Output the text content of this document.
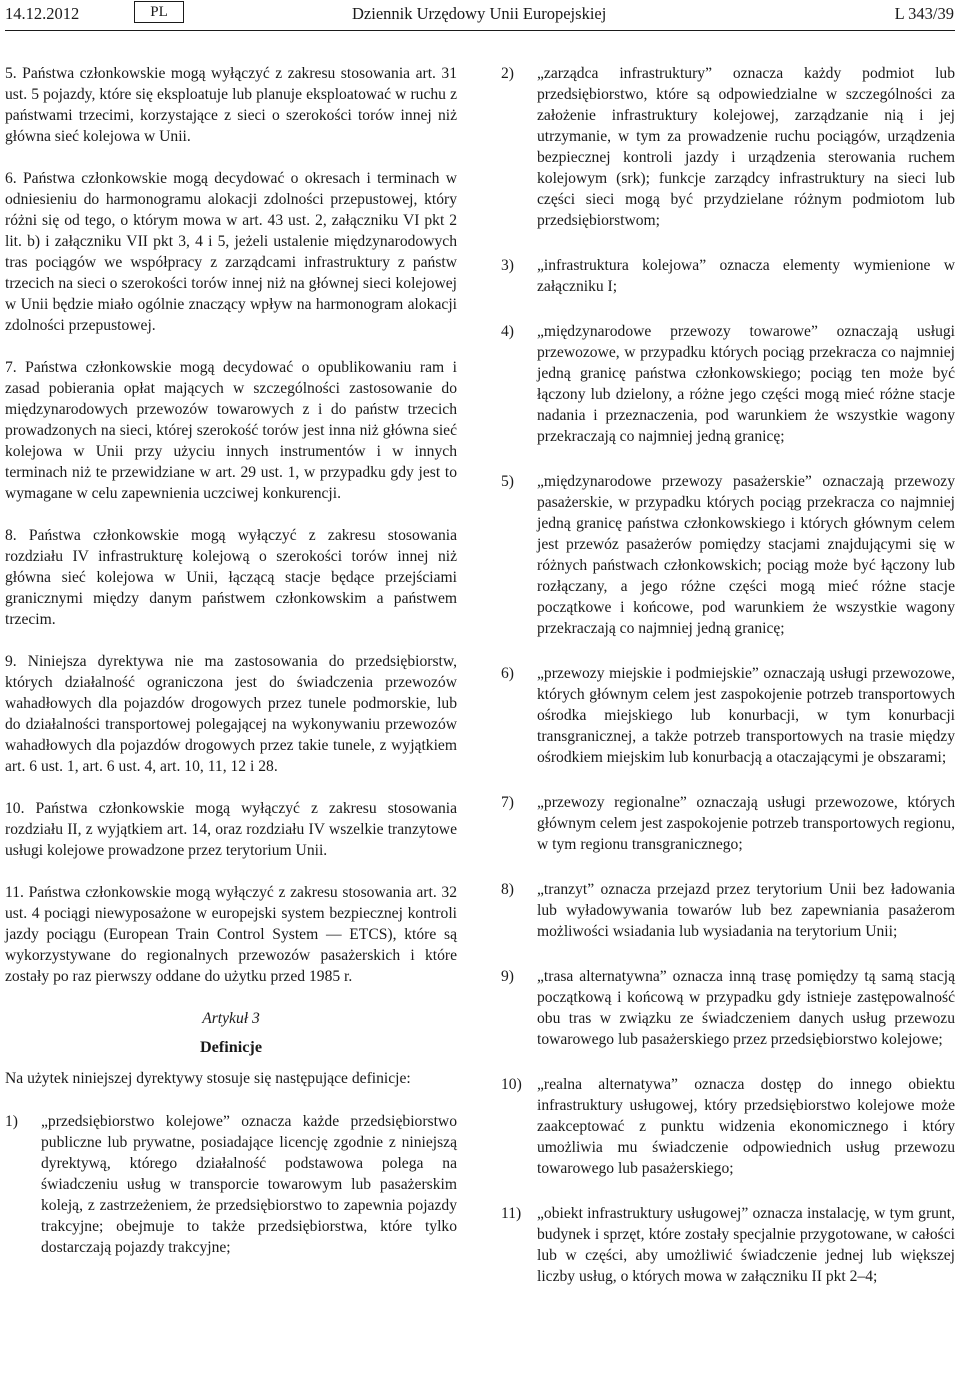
14.12.2012	PL	Dziennik Urzędowy Unii Europejskiej	L 343/39

5. Państwa członkowskie mogą wyłączyć z zakresu stosowania art. 31 ust. 5 pojazdy, które się eksploatuje lub planuje eksploatować w ruchu z państwami trzecimi, korzystające z sieci o szerokości torów innej niż główna sieć kolejowa w Unii.

6. Państwa członkowskie mogą decydować o okresach i terminach w odniesieniu do harmonogramu alokacji zdolności przepustowej, który różni się od tego, o którym mowa w art. 43 ust. 2, załączniku VI pkt 2 lit. b) i załączniku VII pkt 3, 4 i 5, jeżeli ustalenie międzynarodowych tras pociągów we współpracy z zarządcami infrastruktury z państw trzecich na sieci o szerokości torów innej niż na głównej sieci kolejowej w Unii będzie miało ogólnie znaczący wpływ na harmonogram alokacji zdolności przepustowej.

7. Państwa członkowskie mogą decydować o opublikowaniu ram i zasad pobierania opłat mających w szczególności zastosowanie do międzynarodowych przewozów towarowych z i do państw trzecich prowadzonych na sieci, której szerokość torów jest inna niż główna sieć kolejowa w Unii przy użyciu innych instrumentów i w innych terminach niż te przewidziane w art. 29 ust. 1, w przypadku gdy jest to wymagane w celu zapewnienia uczciwej konkurencji.

8. Państwa członkowskie mogą wyłączyć z zakresu stosowania rozdziału IV infrastrukturę kolejową o szerokości torów innej niż główna sieć kolejowa w Unii, łączącą stacje będące przejściami granicznymi między danym państwem członkowskim a państwem trzecim.

9. Niniejsza dyrektywa nie ma zastosowania do przedsiębiorstw, których działalność ograniczona jest do świadczenia przewozów wahadłowych dla pojazdów drogowych przez tunele podmorskie, lub do działalności transportowej polegającej na wykonywaniu przewozów wahadłowych dla pojazdów drogowych przez takie tunele, z wyjątkiem art. 6 ust. 1, art. 6 ust. 4, art. 10, 11, 12 i 28.

10. Państwa członkowskie mogą wyłączyć z zakresu stosowania rozdziału II, z wyjątkiem art. 14, oraz rozdziału IV wszelkie tranzytowe usługi kolejowe prowadzone przez terytorium Unii.

11. Państwa członkowskie mogą wyłączyć z zakresu stosowania art. 32 ust. 4 pociągi niewyposażone w europejski system bezpiecznej kontroli jazdy pociągu (European Train Control System — ETCS), które są wykorzystywane do regionalnych przewozów pasażerskich i które zostały po raz pierwszy oddane do użytku przed 1985 r.

Artykuł 3
Definicje
Na użytek niniejszej dyrektywy stosuje się następujące definicje:
1)	„przedsiębiorstwo kolejowe” oznacza każde przedsiębiorstwo publiczne lub prywatne, posiadające licencję zgodnie z niniejszą dyrektywą, którego działalność podstawowa polega na świadczeniu usług w transporcie towarowym lub pasażerskim koleją, z zastrzeżeniem, że przedsiębiorstwo to zapewnia pojazdy trakcyjne; obejmuje to także przedsiębiorstwa, które tylko dostarczają pojazdy trakcyjne;
2)	„zarządca infrastruktury” oznacza każdy podmiot lub przedsiębiorstwo, które są odpowiedzialne w szczególności za założenie infrastruktury kolejowej, zarządzanie nią i jej utrzymanie, w tym za prowadzenie ruchu pociągów, urządzenia bezpiecznej kontroli jazdy i urządzenia sterowania ruchem kolejowym (srk); funkcje zarządcy infrastruktury na sieci lub części sieci mogą być przydzielane różnym podmiotom lub przedsiębiorstwom;
3)	„infrastruktura kolejowa” oznacza elementy wymienione w załączniku I;
4)	„międzynarodowe przewozy towarowe” oznaczają usługi przewozowe, w przypadku których pociąg przekracza co najmniej jedną granicę państwa członkowskiego; pociąg ten może być łączony lub dzielony, a różne jego części mogą mieć różne stacje nadania i przeznaczenia, pod warunkiem że wszystkie wagony przekraczają co najmniej jedną granicę;
5)	„międzynarodowe przewozy pasażerskie” oznaczają przewozy pasażerskie, w przypadku których pociąg przekracza co najmniej jedną granicę państwa członkowskiego i których głównym celem jest przewóz pasażerów pomiędzy stacjami znajdującymi się w różnych państwach członkowskich; pociąg może być łączony lub rozłączany, a jego różne części mogą mieć różne stacje początkowe i końcowe, pod warunkiem że wszystkie wagony przekraczają co najmniej jedną granicę;
6)	„przewozy miejskie i podmiejskie” oznaczają usługi przewozowe, których głównym celem jest zaspokojenie potrzeb transportowych ośrodka miejskiego lub konurbacji, w tym konurbacji transgranicznej, a także potrzeb transportowych na trasie między ośrodkiem miejskim lub konurbacją a otaczającymi je obszarami;
7)	„przewozy regionalne” oznaczają usługi przewozowe, których głównym celem jest zaspokojenie potrzeb transportowych regionu, w tym regionu transgranicznego;
8)	„tranzyt” oznacza przejazd przez terytorium Unii bez ładowania lub wyładowywania towarów lub bez zapewniania pasażerom możliwości wsiadania lub wysiadania na terytorium Unii;
9)	„trasa alternatywna” oznacza inną trasę pomiędzy tą samą stacją początkową i końcową w przypadku gdy istnieje zastępowalność obu tras w związku ze świadczeniem danych usług przewozu towarowego lub pasażerskiego przez przedsiębiorstwo kolejowe;
10) „realna alternatywa” oznacza dostęp do innego obiektu infrastruktury usługowej, który przedsiębiorstwo kolejowe może zaakceptować z punktu widzenia ekonomicznego i który umożliwia mu świadczenie odpowiednich usług przewozu towarowego lub pasażerskiego;
11)	„obiekt infrastruktury usługowej” oznacza instalację, w tym grunt, budynek i sprzęt, które zostały specjalnie przygotowane, w całości lub w części, aby umożliwić świadczenie jednej lub większej liczby usług, o których mowa w załączniku II pkt 2–4;
